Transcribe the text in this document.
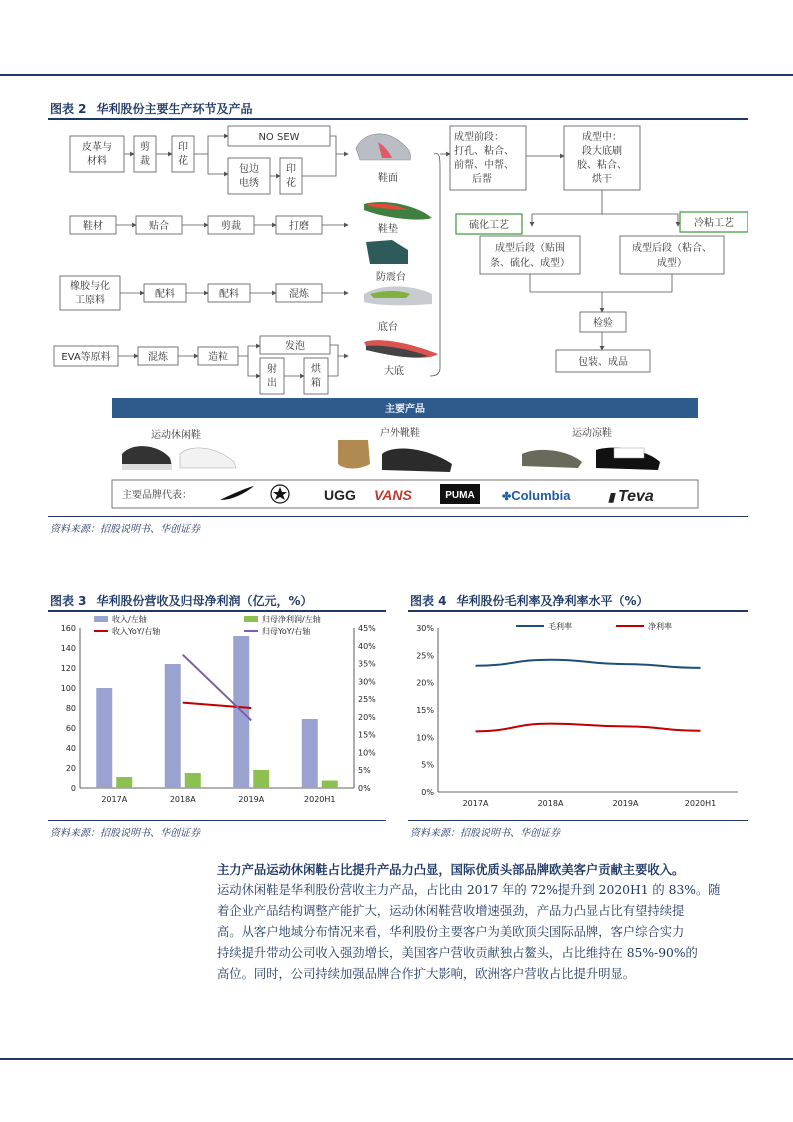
图表 2 华利股份主要生产环节及产品
皮革与
材料
剪
裁
印
花
NO SEW
包边
电绣
印
花
鞋材	贴合	剪裁	打磨
橡胶与化
工原料
配料	配料	混炼
EVA等原料	混炼	造粒
发泡
射
出
烘
箱
鞋面
鞋垫
防震台
底台
大底
成型前段：
打孔、粘合、
前帮、中帮、
后帮
成型中：
段大底刷
胶、粘合、
烘干
硫化工艺	冷粘工艺
成型后段（贴围
条、硫化、成型）
成型后段（粘合、
成型）
检验
包装、成品
主要产品
运动休闲鞋	户外靴鞋	运动凉鞋
主要品牌代表：	UGG VANS	PUMA ✤Columbia	▮ Teva
资料来源：招股说明书、华创证券
图表 3 华利股份营收及归母净利润（亿元，%）
0
20
40
60
80
100
120
140
160
0%
5%
10%
15%
20%
25%
30%
35%
40%
45%
2017A	2018A	2019A	2020H1
收入/左轴	归母净利润/左轴
收入YoY/右轴	归母YoY/右轴
资料来源：招股说明书、华创证券
图表 4 华利股份毛利率及净利率水平（%）
0%
5%
10%
15%
20%
25%
30%
2017A	2018A	2019A	2020H1
毛利率	净利率
资料来源：招股说明书、华创证券
主力产品运动休闲鞋占比提升产品力凸显，国际优质头部品牌欧美客户贡献主要收入。
运动休闲鞋是华利股份营收主力产品，占比由 2017 年的 72%提升到 2020H1 的 83%。随
着企业产品结构调整产能扩大，运动休闲鞋营收增速强劲，产品力凸显占比有望持续提
高。从客户地域分布情况来看，华利股份主要客户为美欧顶尖国际品牌，客户综合实力
持续提升带动公司收入强劲增长，美国客户营收贡献独占鳌头，占比维持在 85%-90%的
高位。同时，公司持续加强品牌合作扩大影响，欧洲客户营收占比提升明显。
